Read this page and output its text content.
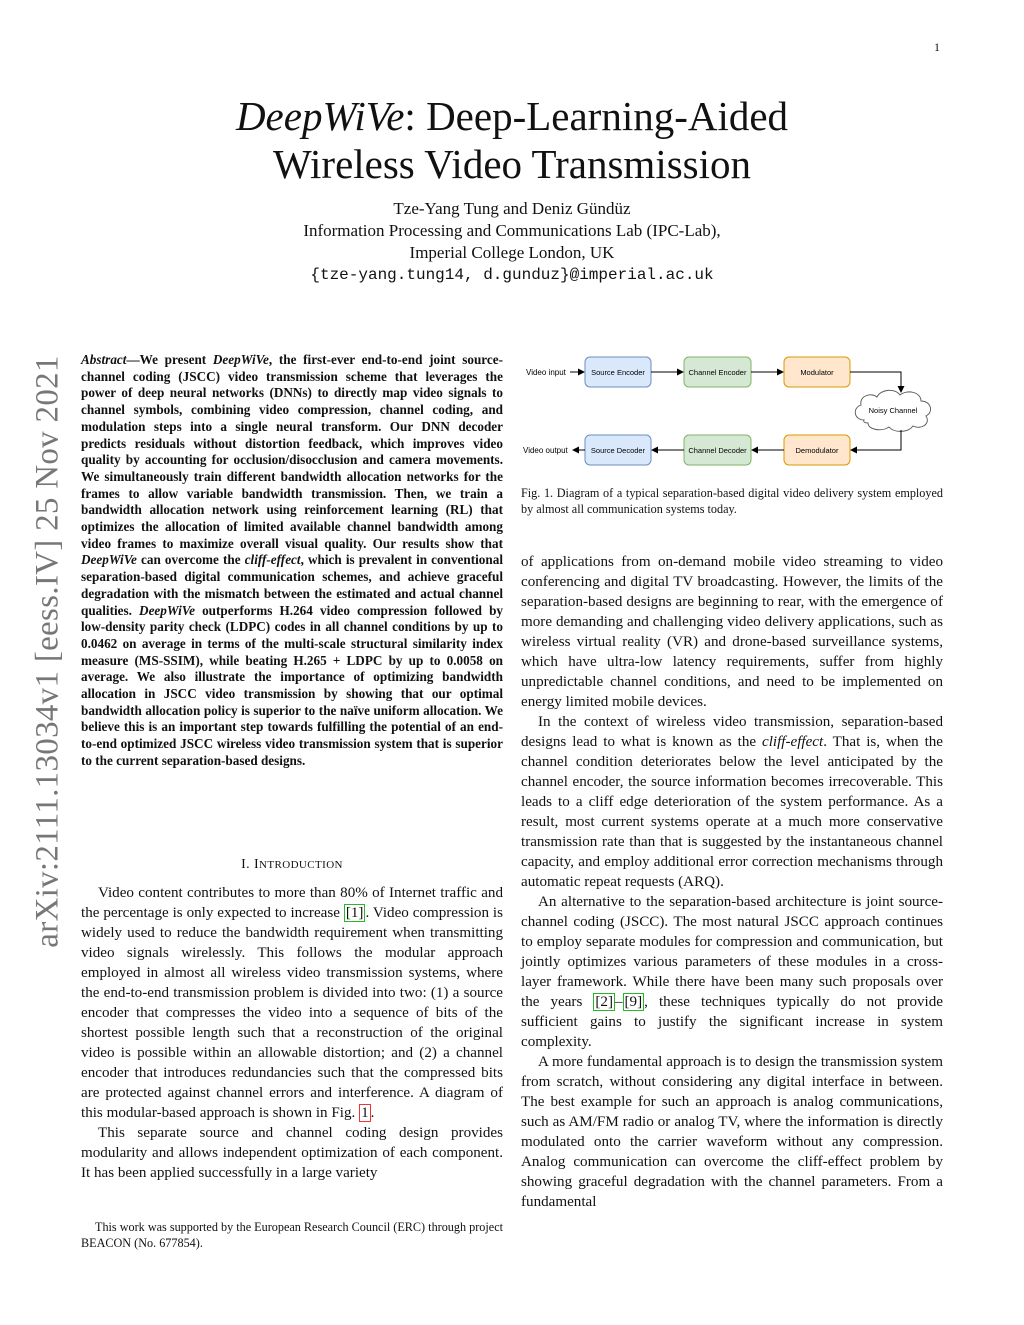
1
arXiv:2111.13034v1 [eess.IV] 25 Nov 2021
DeepWiVe: Deep-Learning-Aided
Wireless Video Transmission
Tze-Yang Tung and Deniz Gündüz
Information Processing and Communications Lab (IPC-Lab),
Imperial College London, UK
{tze-yang.tung14, d.gunduz}@imperial.ac.uk
Abstract—We present DeepWiVe, the first-ever end-to-end joint source-channel coding (JSCC) video transmission scheme that leverages the power of deep neural networks (DNNs) to directly map video signals to channel symbols, combining video compression, channel coding, and modulation steps into a single neural transform. Our DNN decoder predicts residuals without distortion feedback, which improves video quality by accounting for occlusion/disocclusion and camera movements. We simultaneously train different bandwidth allocation networks for the frames to allow variable bandwidth transmission. Then, we train a bandwidth allocation network using reinforcement learning (RL) that optimizes the allocation of limited available channel bandwidth among video frames to maximize overall visual quality. Our results show that DeepWiVe can overcome the cliff-effect, which is prevalent in conventional separation-based digital communication schemes, and achieve graceful degradation with the mismatch between the estimated and actual channel qualities. DeepWiVe outperforms H.264 video compression followed by low-density parity check (LDPC) codes in all channel conditions by up to 0.0462 on average in terms of the multi-scale structural similarity index measure (MS-SSIM), while beating H.265 + LDPC by up to 0.0058 on average. We also illustrate the importance of optimizing bandwidth allocation in JSCC video transmission by showing that our optimal bandwidth allocation policy is superior to the naïve uniform allocation. We believe this is an important step towards fulfilling the potential of an end-to-end optimized JSCC wireless video transmission system that is superior to the current separation-based designs.
I. INTRODUCTION

Video content contributes to more than 80% of Internet traffic and the percentage is only expected to increase [1] . Video compression is widely used to reduce the bandwidth requirement when transmitting video signals wirelessly. This follows the modular approach employed in almost all wireless video transmission systems, where the end-to-end transmission problem is divided into two: (1) a source encoder that compresses the video into a sequence of bits of the shortest possible length such that a reconstruction of the original video is possible within an allowable distortion; and (2) a channel encoder that introduces redundancies such that the compressed bits are protected against channel errors and interference. A diagram of this modular-based approach is shown in Fig. 1 .

This separate source and channel coding design provides modularity and allows independent optimization of each component. It has been applied successfully in a large variety

This work was supported by the European Research Council (ERC) through project BEACON (No. 677854).
Video input	Source Encoder	Channel Encoder	Modulator
Noisy Channel
Demodulator
Channel Decoder
Source Decoder
Video output
Fig. 1. Diagram of a typical separation-based digital video delivery system employed by almost all communication systems today.

of applications from on-demand mobile video streaming to video conferencing and digital TV broadcasting. However, the limits of the separation-based designs are beginning to rear, with the emergence of more demanding and challenging video delivery applications, such as wireless virtual reality (VR) and drone-based surveillance systems, which have ultra-low latency requirements, suffer from highly unpredictable channel conditions, and need to be implemented on energy limited mobile devices.

In the context of wireless video transmission, separation-based designs lead to what is known as the cliff-effect. That is, when the channel condition deteriorates below the level anticipated by the channel encoder, the source information becomes irrecoverable. This leads to a cliff edge deterioration of the system performance. As a result, most current systems operate at a much more conservative transmission rate than that is suggested by the instantaneous channel capacity, and employ additional error correction mechanisms through automatic repeat requests (ARQ).

An alternative to the separation-based architecture is joint source-channel coding (JSCC). The most natural JSCC approach continues to employ separate modules for compression and communication, but jointly optimizes various parameters of these modules in a cross-layer framework. While there have been many such proposals over the years [2] – [9] , these techniques typically do not provide sufficient gains to justify the significant increase in system complexity.

A more fundamental approach is to design the transmission system from scratch, without considering any digital interface in between. The best example for such an approach is analog communications, such as AM/FM radio or analog TV, where the information is directly modulated onto the carrier waveform without any compression. Analog communication can overcome the cliff-effect problem by showing graceful degradation with the channel parameters. From a fundamental
